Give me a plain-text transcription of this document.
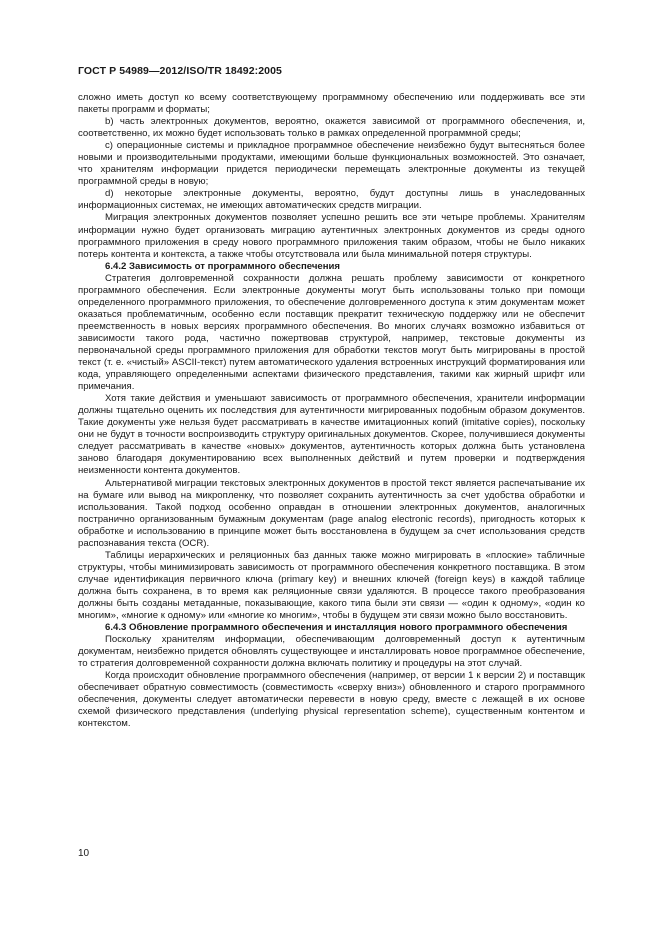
ГОСТ Р 54989—2012/ISO/TR 18492:2005

сложно иметь доступ ко всему соответствующему программному обеспечению или поддерживать все эти пакеты программ и форматы;

b) часть электронных документов, вероятно, окажется зависимой от программного обеспечения, и, соответственно, их можно будет использовать только в рамках определенной программной среды;

c) операционные системы и прикладное программное обеспечение неизбежно будут вытесняться более новыми и производительными продуктами, имеющими больше функциональных возможностей. Это означает, что хранителям информации придется периодически перемещать электронные документы из текущей программной среды в новую;

d) некоторые электронные документы, вероятно, будут доступны лишь в унаследованных информационных системах, не имеющих автоматических средств миграции.

Миграция электронных документов позволяет успешно решить все эти четыре проблемы. Хранителям информации нужно будет организовать миграцию аутентичных электронных документов из среды одного программного приложения в среду нового программного приложения таким образом, чтобы не было никаких потерь контента и контекста, а также чтобы отсутствовала или была минимальной потеря структуры.

6.4.2 Зависимость от программного обеспечения

Стратегия долговременной сохранности должна решать проблему зависимости от конкретного программного обеспечения. Если электронные документы могут быть использованы только при помощи определенного программного приложения, то обеспечение долговременного доступа к этим документам может оказаться проблематичным, особенно если поставщик прекратит техническую поддержку или не обеспечит преемственность в новых версиях программного обеспечения. Во многих случаях возможно избавиться от зависимости такого рода, частично пожертвовав структурой, например, текстовые документы из первоначальной среды программного приложения для обработки текстов могут быть мигрированы в простой текст (т. е. «чистый» ASCII-текст) путем автоматического удаления встроенных инструкций форматирования или кода, управляющего определенными аспектами физического представления, такими как жирный шрифт или примечания.

Хотя такие действия и уменьшают зависимость от программного обеспечения, хранители информации должны тщательно оценить их последствия для аутентичности мигрированных подобным образом документов. Такие документы уже нельзя будет рассматривать в качестве имитационных копий (imitative copies), поскольку они не будут в точности воспроизводить структуру оригинальных документов. Скорее, получившиеся документы следует рассматривать в качестве «новых» документов, аутентичность которых должна быть установлена заново благодаря документированию всех выполненных действий и путем проверки и подтверждения неизменности контента документов.

Альтернативой миграции текстовых электронных документов в простой текст является распечатывание их на бумаге или вывод на микропленку, что позволяет сохранить аутентичность за счет удобства обработки и использования. Такой подход особенно оправдан в отношении электронных документов, аналогичных постранично организованным бумажным документам (page analog electronic records), пригодность которых к обработке и использованию в принципе может быть восстановлена в будущем за счет использования средств распознавания текста (OCR).

Таблицы иерархических и реляционных баз данных также можно мигрировать в «плоские» табличные структуры, чтобы минимизировать зависимость от программного обеспечения конкретного поставщика. В этом случае идентификация первичного ключа (primary key) и внешних ключей (foreign keys) в каждой таблице должна быть сохранена, в то время как реляционные связи удаляются. В процессе такого преобразования должны быть созданы метаданные, показывающие, какого типа были эти связи — «один к одному», «один ко многим», «многие к одному» или «многие ко многим», чтобы в будущем эти связи можно было восстановить.

6.4.3 Обновление программного обеспечения и инсталляция нового программного обеспечения

Поскольку хранителям информации, обеспечивающим долговременный доступ к аутентичным документам, неизбежно придется обновлять существующее и инсталлировать новое программное обеспечение, то стратегия долговременной сохранности должна включать политику и процедуры на этот случай.

Когда происходит обновление программного обеспечения (например, от версии 1 к версии 2) и поставщик обеспечивает обратную совместимость (совместимость «сверху вниз») обновленного и старого программного обеспечения, документы следует автоматически перевести в новую среду, вместе с лежащей в их основе схемой физического представления (underlying physical representation scheme), существенным контентом и контекстом.

10
